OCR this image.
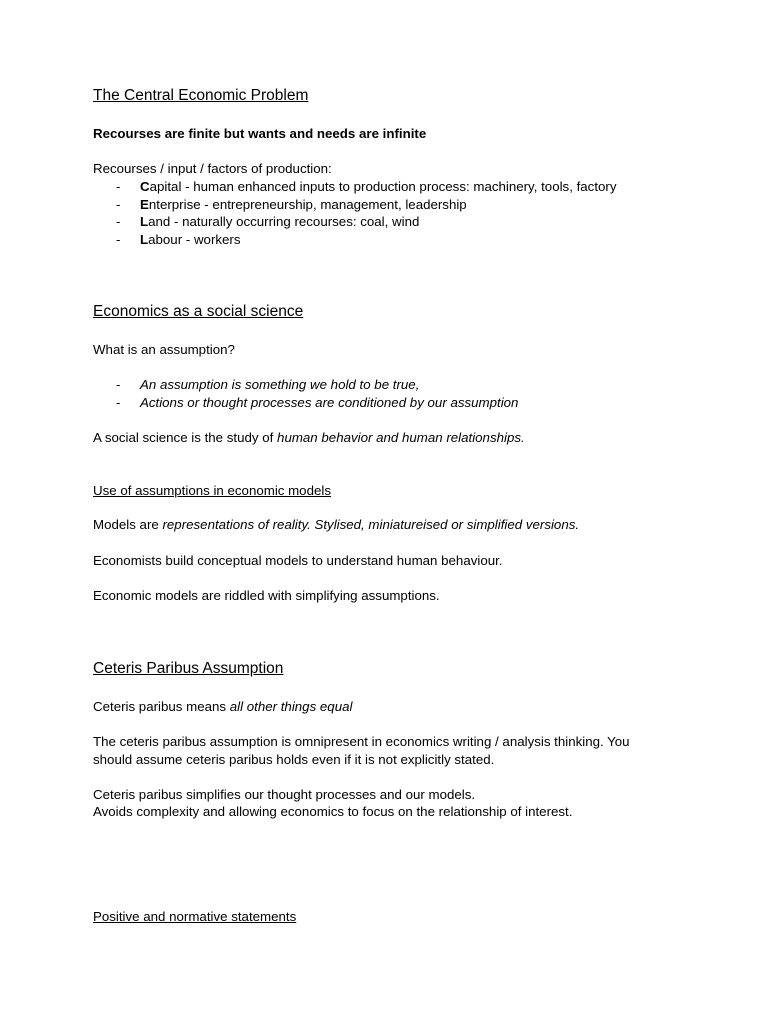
The Central Economic Problem
Recourses are finite but wants and needs are infinite
Recourses / input / factors of production:
- Capital - human enhanced inputs to production process: machinery, tools, factory
- Enterprise - entrepreneurship, management, leadership
- Land - naturally occurring recourses: coal, wind
- Labour - workers
Economics as a social science
What is an assumption?
- An assumption is something we hold to be true,
- Actions or thought processes are conditioned by our assumption
A social science is the study of human behavior and human relationships.
Use of assumptions in economic models
Models are representations of reality. Stylised, miniatureised or simplified versions.
Economists build conceptual models to understand human behaviour.
Economic models are riddled with simplifying assumptions.
Ceteris Paribus Assumption
Ceteris paribus means all other things equal
The ceteris paribus assumption is omnipresent in economics writing / analysis thinking. You
should assume ceteris paribus holds even if it is not explicitly stated.
Ceteris paribus simplifies our thought processes and our models.
Avoids complexity and allowing economics to focus on the relationship of interest.
Positive and normative statements
